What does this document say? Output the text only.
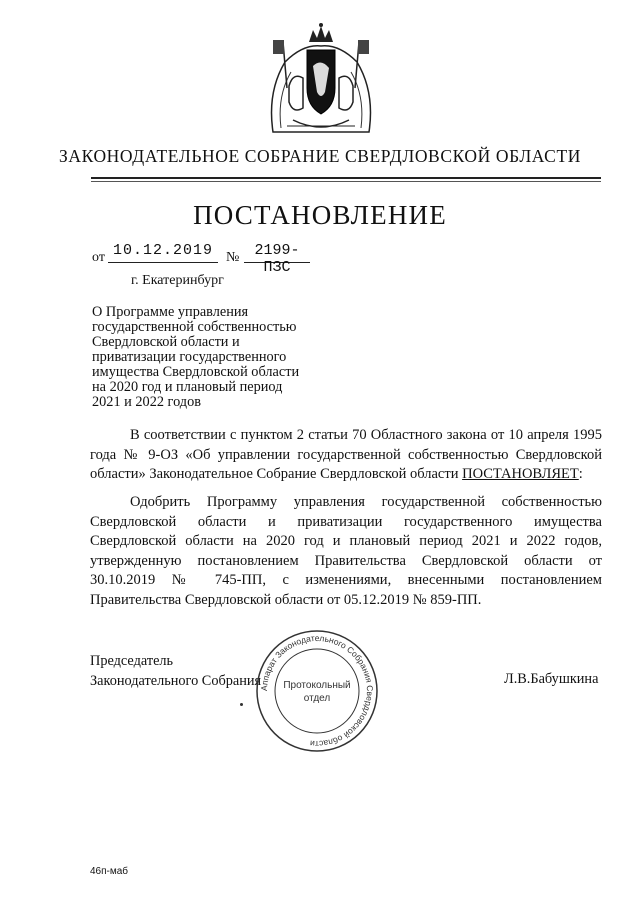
ЗАКОНОДАТЕЛЬНОЕ СОБРАНИЕ СВЕРДЛОВСКОЙ ОБЛАСТИ
ПОСТАНОВЛЕНИЕ
от 10.12.2019 №	2199-ПЗС
г. Екатеринбург
О Программе управления
государственной собственностью
Свердловской области и
приватизации государственного
имущества Свердловской области
на 2020 год и плановый период
2021 и 2022 годов
В соответствии с пунктом 2 статьи 70 Областного закона от 10 апреля 1995 года № 9-ОЗ «Об управлении государственной собственностью Свердловской области» Законодательное Собрание Свердловской области ПОСТАНОВЛЯЕТ:
Одобрить Программу управления государственной собственностью Свердловской области и приватизации государственного имущества Свердловской области на 2020 год и плановый период 2021 и 2022 годов, утвержденную постановлением Правительства Свердловской области от 30.10.2019 № 745-ПП, с изменениями, внесенными постановлением Правительства Свердловской области от 05.12.2019 № 859-ПП.
Председатель
Законодательного Собрания	Л.В.Бабушкина
Аппарат Законодательного Собрания Свердловской области
Протокольный
отдел
46п-маб
